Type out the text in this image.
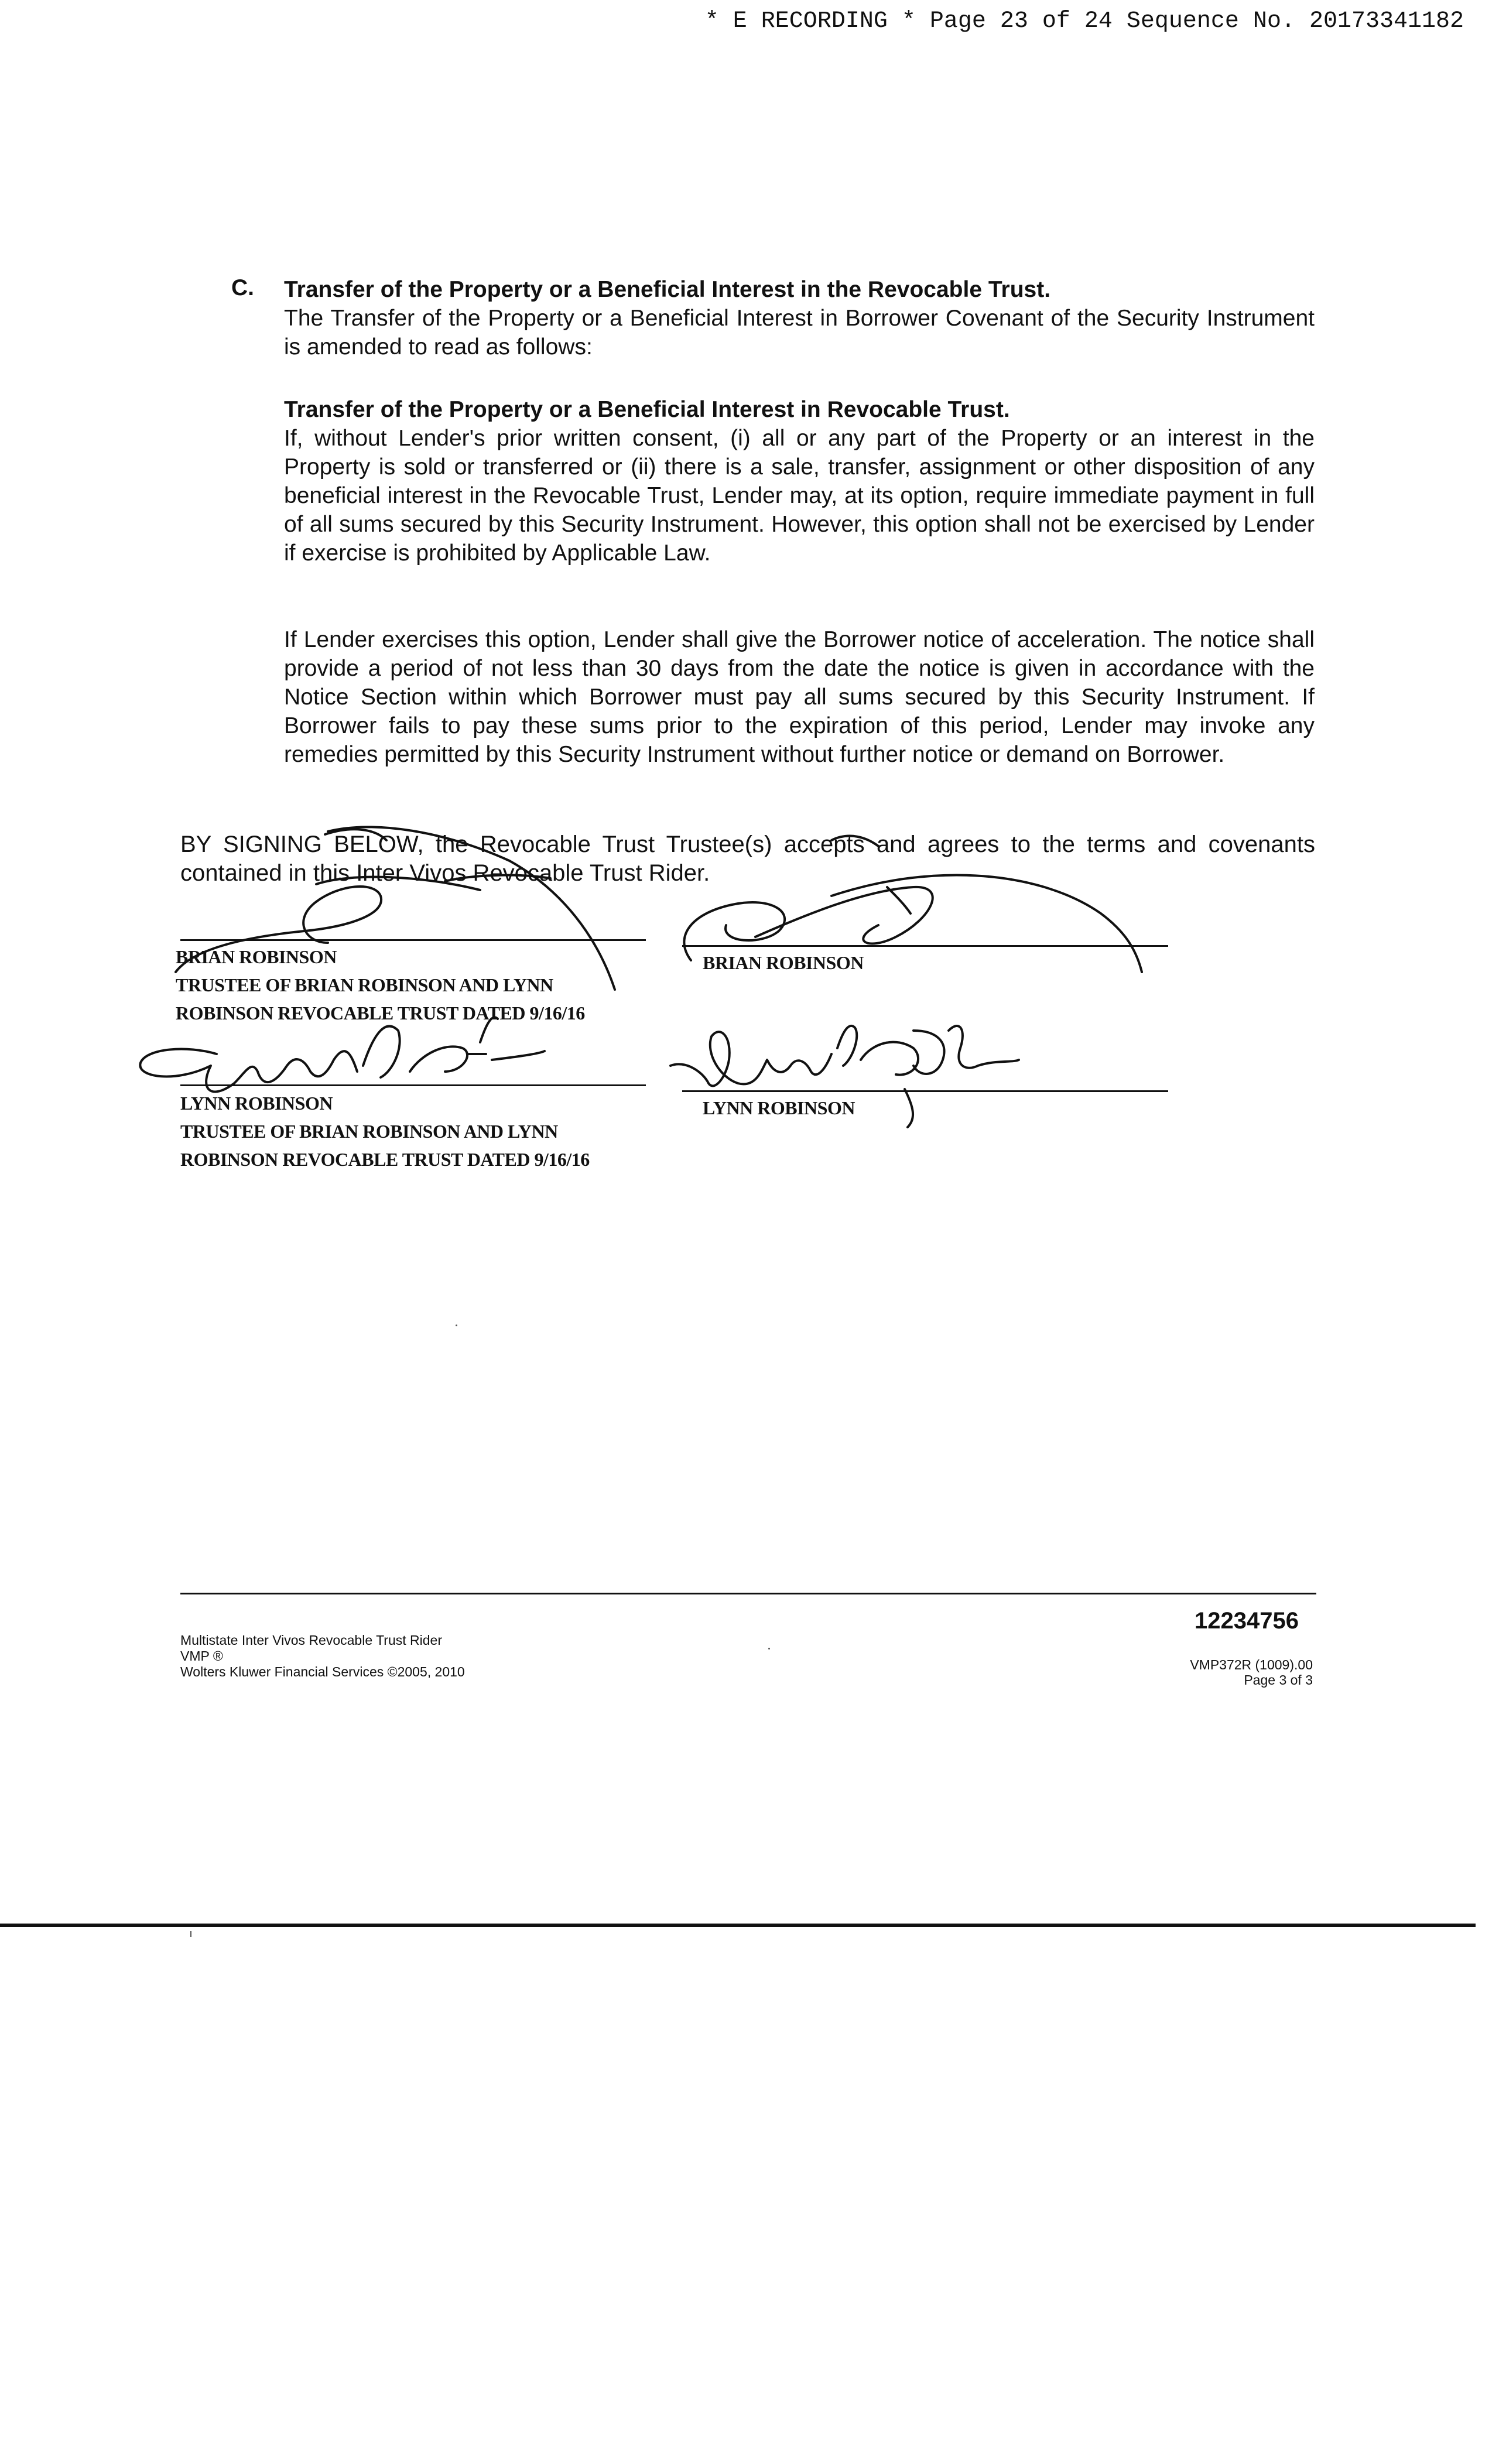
* E RECORDING * Page 23 of 24 Sequence No. 20173341182
C. Transfer of the Property or a Beneficial Interest in the Revocable Trust.

The Transfer of the Property or a Beneficial Interest in Borrower Covenant of the Security Instrument is amended to read as follows:

Transfer of the Property or a Beneficial Interest in Revocable Trust.

If, without Lender's prior written consent, (i) all or any part of the Property or an interest in the Property is sold or transferred or (ii) there is a sale, transfer, assignment or other disposition of any beneficial interest in the Revocable Trust, Lender may, at its option, require immediate payment in full of all sums secured by this Security Instrument. However, this option shall not be exercised by Lender if exercise is prohibited by Applicable Law.

If Lender exercises this option, Lender shall give the Borrower notice of acceleration. The notice shall provide a period of not less than 30 days from the date the notice is given in accordance with the Notice Section within which Borrower must pay all sums secured by this Security Instrument. If Borrower fails to pay these sums prior to the expiration of this period, Lender may invoke any remedies permitted by this Security Instrument without further notice or demand on Borrower.

BY SIGNING BELOW, the Revocable Trust Trustee(s) accepts and agrees to the terms and covenants contained in this Inter Vivos Revocable Trust Rider.
BRIAN ROBINSON
TRUSTEE OF BRIAN ROBINSON AND LYNN
ROBINSON REVOCABLE TRUST DATED 9/16/16
BRIAN ROBINSON
LYNN ROBINSON
TRUSTEE OF BRIAN ROBINSON AND LYNN
ROBINSON REVOCABLE TRUST DATED 9/16/16
LYNN ROBINSON
12234756
Multistate Inter Vivos Revocable Trust Rider
VMP ®
Wolters Kluwer Financial Services ©2005, 2010	VMP372R (1009).00
Page 3 of 3
